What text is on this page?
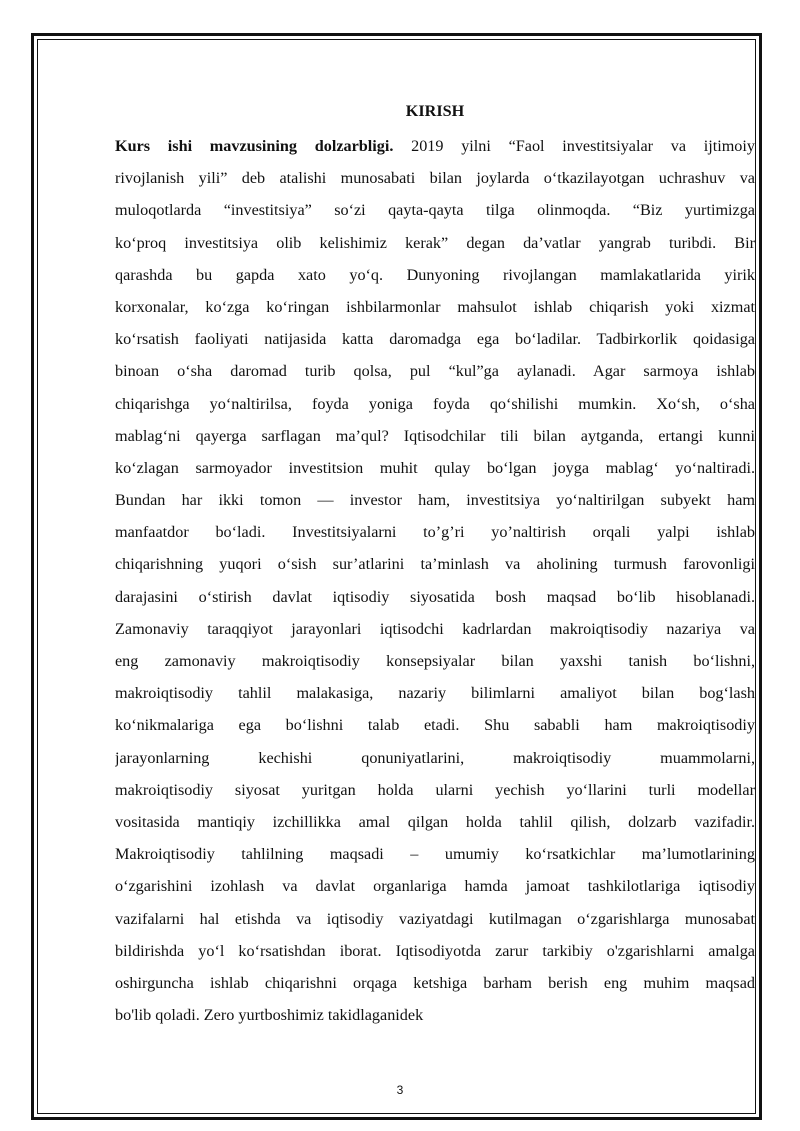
KIRISH
Kurs ishi mavzusining dolzarbligi. 2019 yilni “Faol investitsiyalar va ijtimoiy
rivojlanish yili” deb atalishi munosabati bilan joylarda o‘tkazilayotgan uchrashuv va
muloqotlarda “investitsiya” so‘zi qayta-qayta tilga olinmoqda. “Biz yurtimizga
ko‘proq investitsiya olib kelishimiz kerak” degan da’vatlar yangrab turibdi. Bir
qarashda bu gapda xato yo‘q. Dunyoning rivojlangan mamlakatlarida yirik
korxonalar, ko‘zga ko‘ringan ishbilarmonlar mahsulot ishlab chiqarish yoki xizmat
ko‘rsatish faoliyati natijasida katta daromadga ega bo‘ladilar. Tadbirkorlik qoidasiga
binoan o‘sha daromad turib qolsa, pul “kul”ga aylanadi. Agar sarmoya ishlab
chiqarishga yo‘naltirilsa, foyda yoniga foyda qo‘shilishi mumkin. Xo‘sh, o‘sha
mablag‘ni qayerga sarflagan ma’qul? Iqtisodchilar tili bilan aytganda, ertangi kunni
ko‘zlagan sarmoyador investitsion muhit qulay bo‘lgan joyga mablag‘ yo‘naltiradi.
Bundan har ikki tomon — investor ham, investitsiya yo‘naltirilgan subyekt ham
manfaatdor bo‘ladi. Investitsiyalarni to’g’ri yo’naltirish orqali yalpi ishlab
chiqarishning yuqori o‘sish sur’atlarini ta’minlash va aholining turmush farovonligi
darajasini o‘stirish davlat iqtisodiy siyosatida bosh maqsad bo‘lib hisoblanadi.
Zamonaviy taraqqiyot jarayonlari iqtisodchi kadrlardan makroiqtisodiy nazariya va
eng zamonaviy makroiqtisodiy konsepsiyalar bilan yaxshi tanish bo‘lishni,
makroiqtisodiy tahlil malakasiga, nazariy bilimlarni amaliyot bilan bog‘lash
ko‘nikmalariga ega bo‘lishni talab etadi. Shu sababli ham makroiqtisodiy
jarayonlarning kechishi qonuniyatlarini, makroiqtisodiy muammolarni,
makroiqtisodiy siyosat yuritgan holda ularni yechish yo‘llarini turli modellar
vositasida mantiqiy izchillikka amal qilgan holda tahlil qilish, dolzarb vazifadir.
Makroiqtisodiy tahlilning maqsadi – umumiy ko‘rsatkichlar ma’lumotlarining
o‘zgarishini izohlash va davlat organlariga hamda jamoat tashkilotlariga iqtisodiy
vazifalarni hal etishda va iqtisodiy vaziyatdagi kutilmagan o‘zgarishlarga munosabat
bildirishda yo‘l ko‘rsatishdan iborat. Iqtisodiyotda zarur tarkibiy o'zgarishlarni amalga
oshirguncha ishlab chiqarishni orqaga ketshiga barham berish eng muhim maqsad
bo'lib qoladi. Zero yurtboshimiz takidlaganidek
3
